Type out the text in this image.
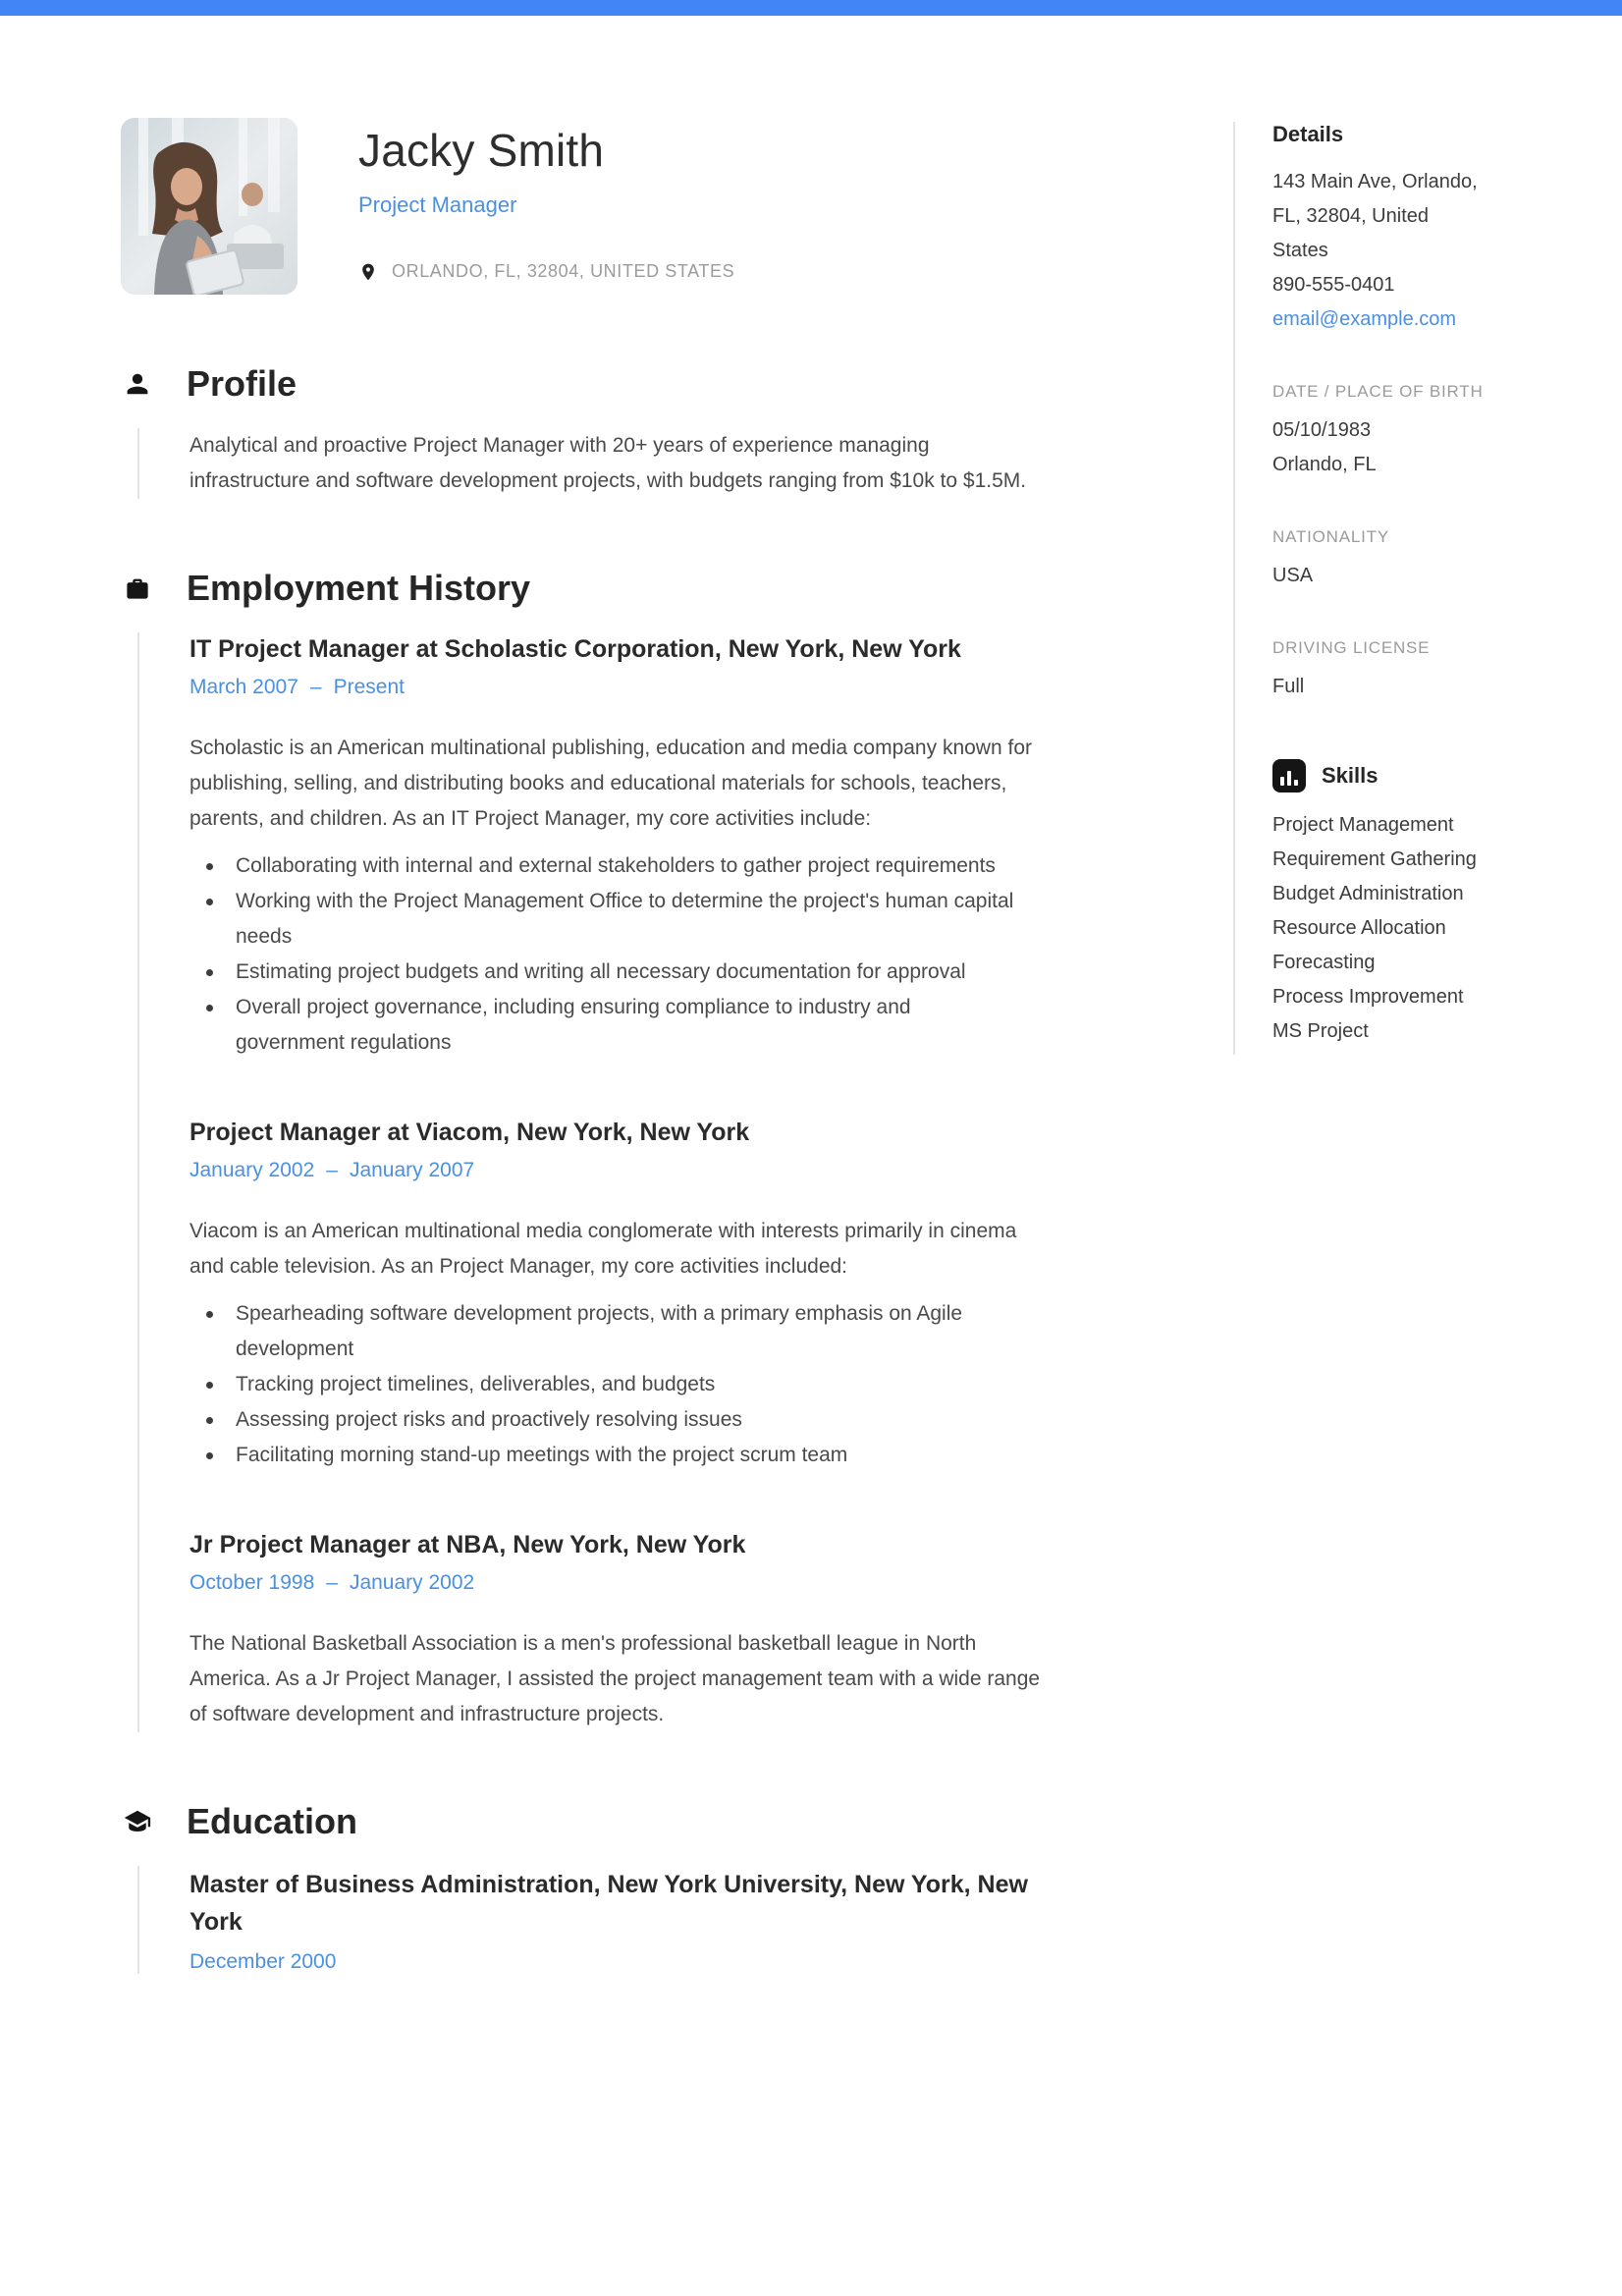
Jacky Smith
Project Manager
ORLANDO, FL, 32804, UNITED STATES
Profile

Analytical and proactive Project Manager with 20+ years of experience managing infrastructure and software development projects, with budgets ranging from $10k to $1.5M.

Employment History
IT Project Manager at Scholastic Corporation, New York, New York
March 2007 – Present

Scholastic is an American multinational publishing, education and media company known for publishing, selling, and distributing books and educational materials for schools, teachers, parents, and children. As an IT Project Manager, my core activities include:

Collaborating with internal and external stakeholders to gather project requirements
Working with the Project Management Office to determine the project's human capital needs
Estimating project budgets and writing all necessary documentation for approval
Overall project governance, including ensuring compliance to industry and government regulations
Project Manager at Viacom, New York, New York
January 2002 – January 2007

Viacom is an American multinational media conglomerate with interests primarily in cinema and cable television. As an Project Manager, my core activities included:

Spearheading software development projects, with a primary emphasis on Agile development
Tracking project timelines, deliverables, and budgets
Assessing project risks and proactively resolving issues
Facilitating morning stand-up meetings with the project scrum team
Jr Project Manager at NBA, New York, New York
October 1998 – January 2002

The National Basketball Association is a men's professional basketball league in North America. As a Jr Project Manager, I assisted the project management team with a wide range of software development and infrastructure projects.

Education
Master of Business Administration, New York University, New York, New York
December 2000
Details
143 Main Ave, Orlando,
FL, 32804, United
States
890-555-0401
email@example.com
DATE / PLACE OF BIRTH
05/10/1983
Orlando, FL
NATIONALITY
USA
DRIVING LICENSE
Full
Skills
Project Management
Requirement Gathering
Budget Administration
Resource Allocation
Forecasting
Process Improvement
MS Project
